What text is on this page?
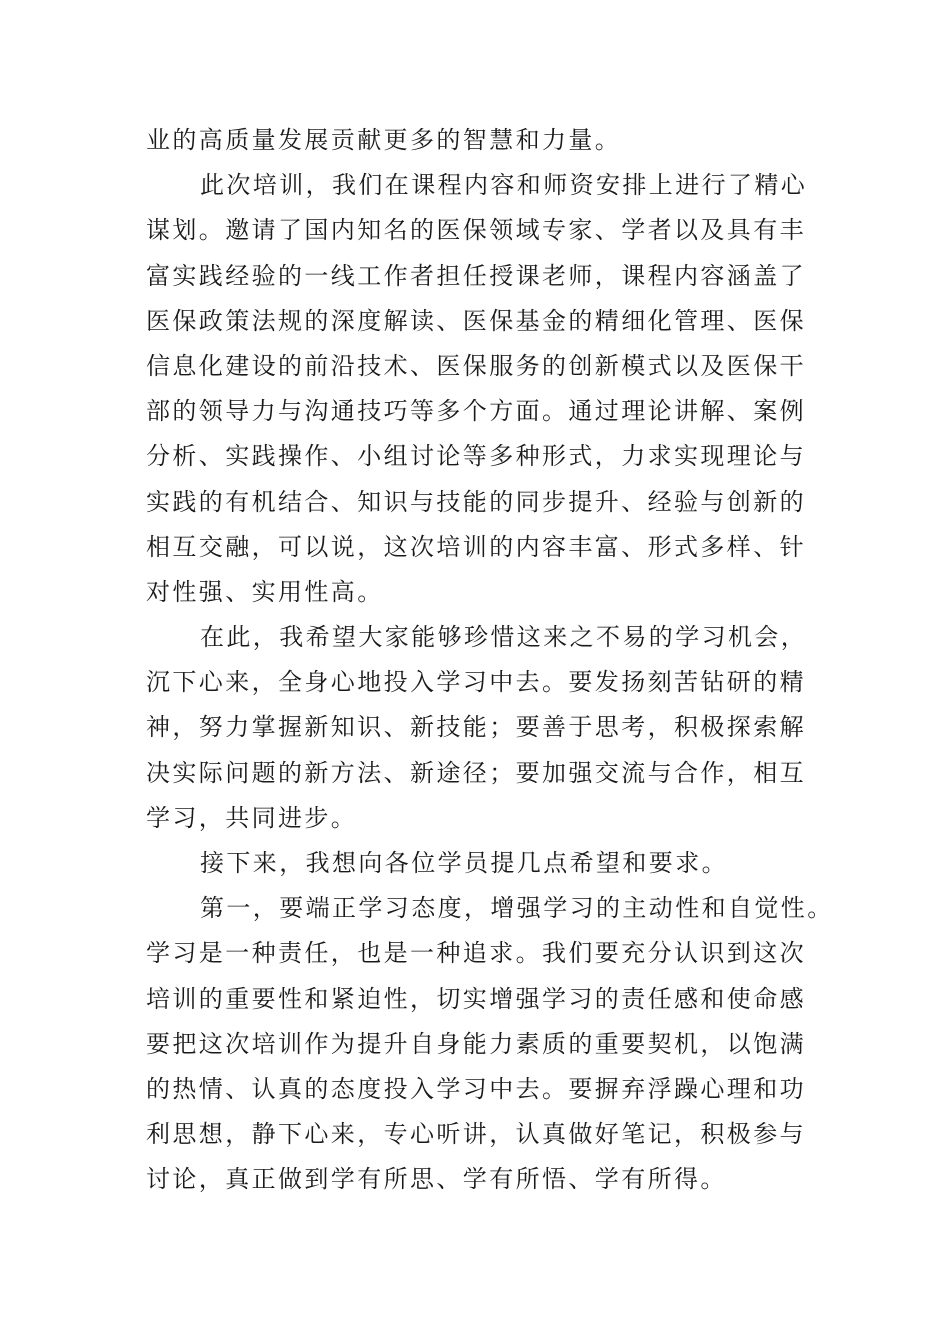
业的高质量发展贡献更多的智慧和力量。
此次培训，我们在课程内容和师资安排上进行了精心
谋划。邀请了国内知名的医保领域专家、学者以及具有丰
富实践经验的一线工作者担任授课老师，课程内容涵盖了
医保政策法规的深度解读、医保基金的精细化管理、医保
信息化建设的前沿技术、医保服务的创新模式以及医保干
部的领导力与沟通技巧等多个方面。通过理论讲解、案例
分析、实践操作、小组讨论等多种形式，力求实现理论与
实践的有机结合、知识与技能的同步提升、经验与创新的
相互交融，可以说，这次培训的内容丰富、形式多样、针
对性强、实用性高。
在此，我希望大家能够珍惜这来之不易的学习机会，
沉下心来，全身心地投入学习中去。要发扬刻苦钻研的精
神，努力掌握新知识、新技能；要善于思考，积极探索解
决实际问题的新方法、新途径；要加强交流与合作，相互
学习，共同进步。
接下来，我想向各位学员提几点希望和要求。
第一，要端正学习态度，增强学习的主动性和自觉性。
学习是一种责任，也是一种追求。我们要充分认识到这次
培训的重要性和紧迫性，切实增强学习的责任感和使命感
要把这次培训作为提升自身能力素质的重要契机，以饱满
的热情、认真的态度投入学习中去。要摒弃浮躁心理和功
利思想，静下心来，专心听讲，认真做好笔记，积极参与
讨论，真正做到学有所思、学有所悟、学有所得。
